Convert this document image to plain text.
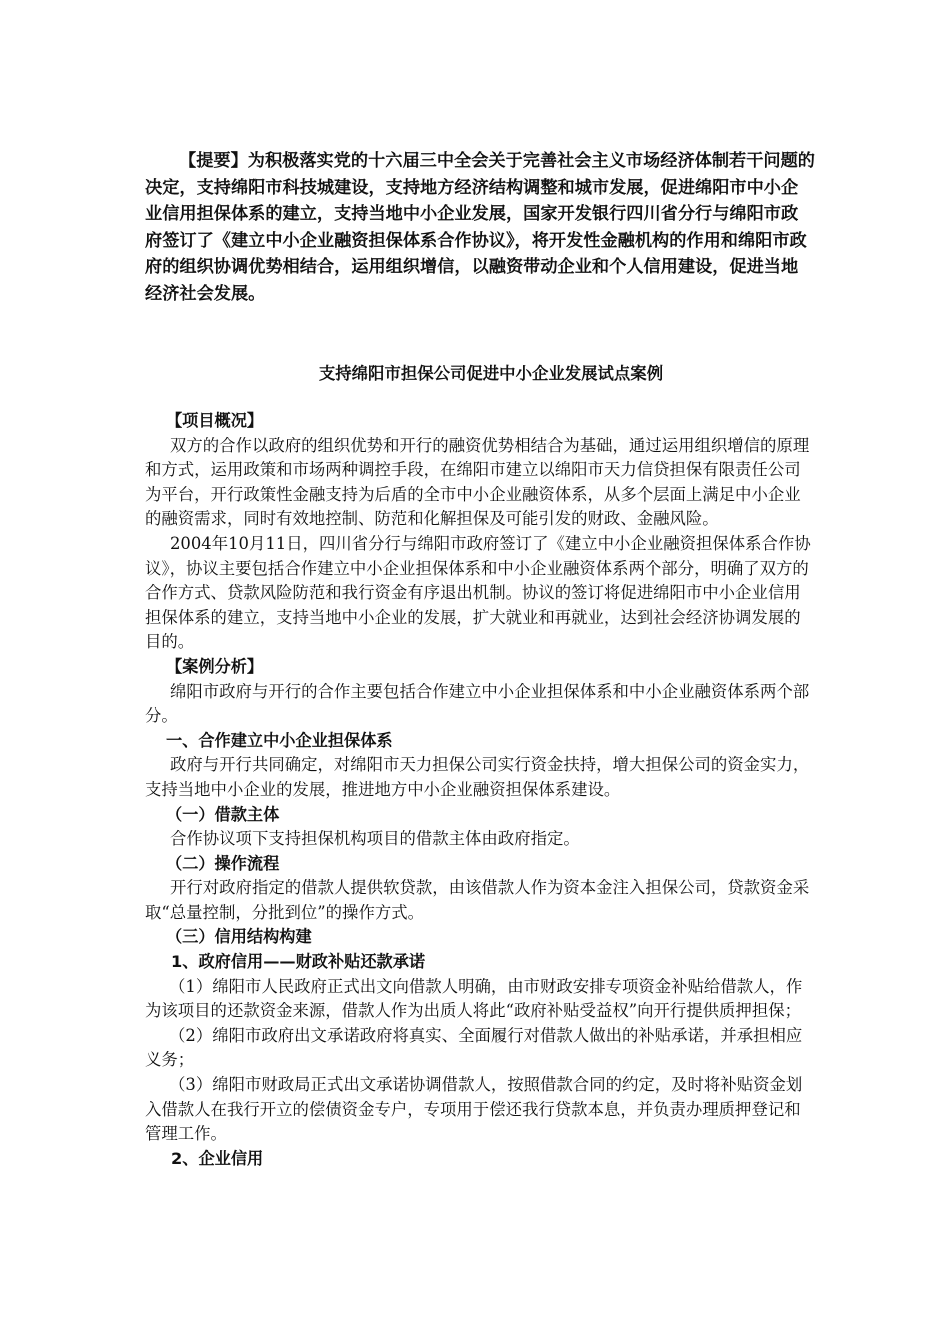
【提要】为积极落实党的十六届三中全会关于完善社会主义市场经济体制若干问题的决定，支持绵阳市科技城建设，支持地方经济结构调整和城市发展，促进绵阳市中小企业信用担保体系的建立，支持当地中小企业发展，国家开发银行四川省分行与绵阳市政府签订了《建立中小企业融资担保体系合作协议》，将开发性金融机构的作用和绵阳市政府的组织协调优势相结合，运用组织增信，以融资带动企业和个人信用建设，促进当地经济社会发展。

支持绵阳市担保公司促进中小企业发展试点案例

【项目概况】

双方的合作以政府的组织优势和开行的融资优势相结合为基础，通过运用组织增信的原理和方式，运用政策和市场两种调控手段，在绵阳市建立以绵阳市天力信贷担保有限责任公司为平台，开行政策性金融支持为后盾的全市中小企业融资体系，从多个层面上满足中小企业的融资需求，同时有效地控制、防范和化解担保及可能引发的财政、金融风险。

2004年10月11日，四川省分行与绵阳市政府签订了《建立中小企业融资担保体系合作协议》，协议主要包括合作建立中小企业担保体系和中小企业融资体系两个部分，明确了双方的合作方式、贷款风险防范和我行资金有序退出机制。协议的签订将促进绵阳市中小企业信用担保体系的建立，支持当地中小企业的发展，扩大就业和再就业，达到社会经济协调发展的目的。

【案例分析】

绵阳市政府与开行的合作主要包括合作建立中小企业担保体系和中小企业融资体系两个部分。

一、合作建立中小企业担保体系

政府与开行共同确定，对绵阳市天力担保公司实行资金扶持，增大担保公司的资金实力，支持当地中小企业的发展，推进地方中小企业融资担保体系建设。

（一）借款主体

合作协议项下支持担保机构项目的借款主体由政府指定。

（二）操作流程

开行对政府指定的借款人提供软贷款，由该借款人作为资本金注入担保公司，贷款资金采取“总量控制，分批到位”的操作方式。

（三）信用结构构建

1、政府信用——财政补贴还款承诺

（1）绵阳市人民政府正式出文向借款人明确，由市财政安排专项资金补贴给借款人，作为该项目的还款资金来源，借款人作为出质人将此“政府补贴受益权”向开行提供质押担保；

（2）绵阳市政府出文承诺政府将真实、全面履行对借款人做出的补贴承诺，并承担相应义务；

（3）绵阳市财政局正式出文承诺协调借款人，按照借款合同的约定，及时将补贴资金划入借款人在我行开立的偿债资金专户，专项用于偿还我行贷款本息，并负责办理质押登记和管理工作。

2、企业信用
